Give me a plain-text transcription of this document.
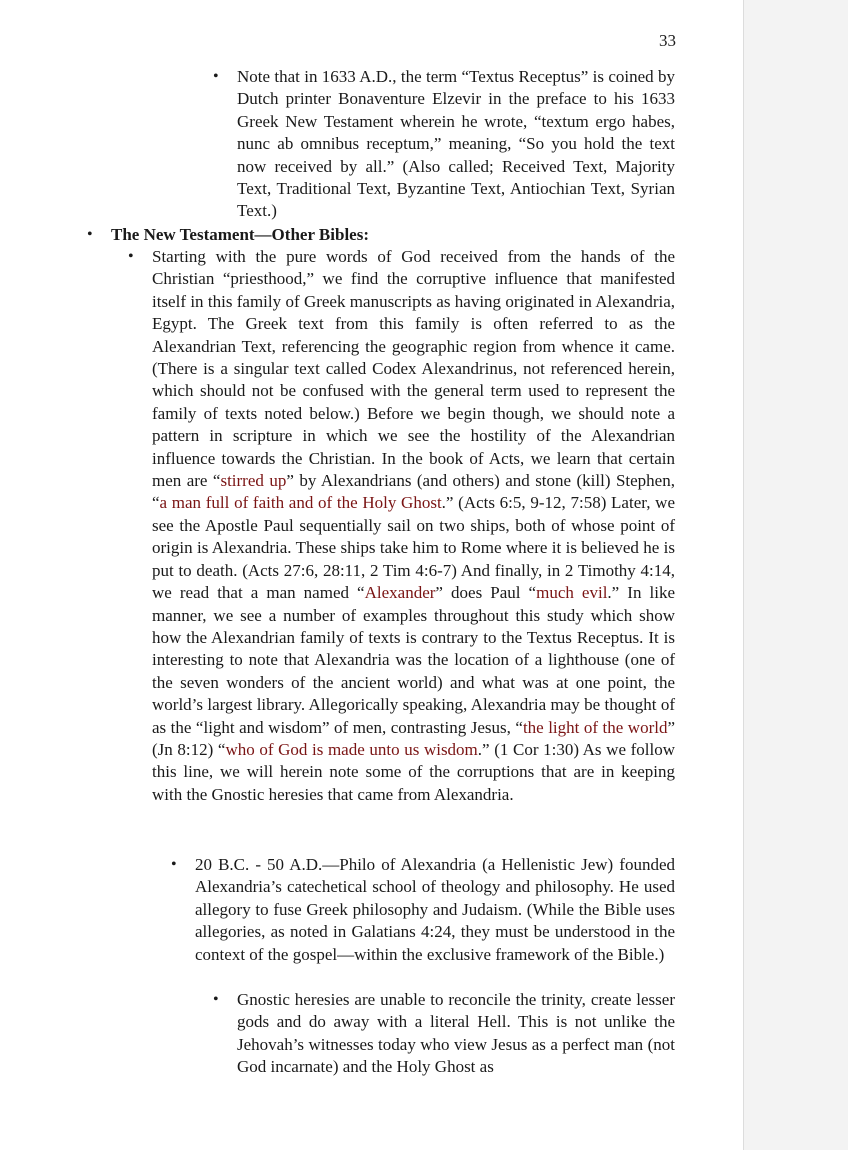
33
• Note that in 1633 A.D., the term “Textus Receptus” is coined by Dutch printer Bonaventure Elzevir in the preface to his 1633 Greek New Testament wherein he wrote, “textum ergo habes, nunc ab omnibus receptum,” meaning, “So you hold the text now received by all.” (Also called; Received Text, Majority Text, Traditional Text, Byzantine Text, Antiochian Text, Syrian Text.)
• The New Testament—Other Bibles:
• Starting with the pure words of God received from the hands of the Christian “priesthood,” we find the corruptive influence that manifested itself in this family of Greek manuscripts as having originated in Alexandria, Egypt. The Greek text from this family is often referred to as the Alexandrian Text, referencing the geographic region from whence it came. (There is a singular text called Codex Alexandrinus, not referenced herein, which should not be confused with the general term used to represent the family of texts noted below.) Before we begin though, we should note a pattern in scripture in which we see the hostility of the Alexandrian influence towards the Christian. In the book of Acts, we learn that certain men are “stirred up” by Alexandrians (and others) and stone (kill) Stephen, “a man full of faith and of the Holy Ghost.” (Acts 6:5, 9-12, 7:58) Later, we see the Apostle Paul sequentially sail on two ships, both of whose point of origin is Alexandria. These ships take him to Rome where it is believed he is put to death. (Acts 27:6, 28:11, 2 Tim 4:6-7) And finally, in 2 Timothy 4:14, we read that a man named “Alexander” does Paul “much evil.” In like manner, we see a number of examples throughout this study which show how the Alexandrian family of texts is contrary to the Textus Receptus. It is interesting to note that Alexandria was the location of a lighthouse (one of the seven wonders of the ancient world) and what was at one point, the world’s largest library. Allegorically speaking, Alexandria may be thought of as the “light and wisdom” of men, contrasting Jesus, “the light of the world” (Jn 8:12) “who of God is made unto us wisdom.” (1 Cor 1:30) As we follow this line, we will herein note some of the corruptions that are in keeping with the Gnostic heresies that came from Alexandria.
• 20 B.C. - 50 A.D.—Philo of Alexandria (a Hellenistic Jew) founded Alexandria’s catechetical school of theology and philosophy. He used allegory to fuse Greek philosophy and Judaism. (While the Bible uses allegories, as noted in Galatians 4:24, they must be understood in the context of the gospel—within the exclusive framework of the Bible.)
• Gnostic heresies are unable to reconcile the trinity, create lesser gods and do away with a literal Hell. This is not unlike the Jehovah’s witnesses today who view Jesus as a perfect man (not God incarnate) and the Holy Ghost as
